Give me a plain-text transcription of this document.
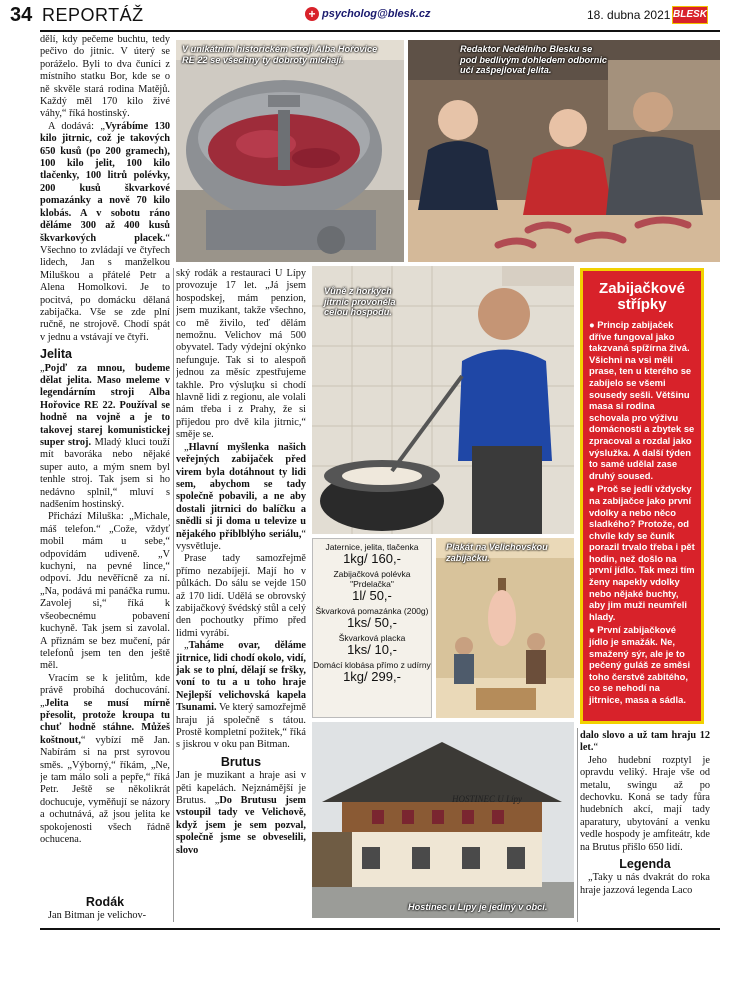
34 REPORTÁŽ	+ psycholog@blesk.cz	18. dubna 2021 BLESK

dělí, kdy pečeme buchtu, tedy pečivo do jitnic. V úterý se poráželo. Byli to dva čuníci z místního statku Bor, kde se o ně skvěle stará rodina Matějů. Každý měl 170 kilo živé váhy,“ říká hostinský.

A dodává: „Vyrábíme 130 kilo jitrnic, což je takových 650 kusů (po 200 gramech), 100 kilo jelit, 100 kilo tlačenky, 100 litrů polévky, 200 kusů škvarkové pomazánky a nově 70 kilo klobás. A v sobotu ráno děláme 300 až 400 kusů škvarkových placek.“ Všechno to zvládají ve čtyřech lidech, Jan s manželkou Miluškou a přátelé Petr a Alena Homolkovi. Je to pocitvá, po domácku dělaná zabijačka. Vše se zde plní ručně, ne strojově. Chodí spát v jednu a vstávají ve čtyři.

Jelita

„Pojď za mnou, budeme dělat jelita. Maso meleme v legendárním stroji Alba Hořovice RE 22. Používal se hodně na vojně a je to takovej starej komunistickej super stroj. Mladý kluci touží mít bavoráka nebo nějaké super auto, a mým snem byl tenhle stroj. Tak jsem si ho nedávno splnil,“ mluví s nadšením hostinský.

Přichází Miluška: „Michale, máš telefon.“ „Cože, vždyť mobil mám u sebe,“ odpovídám udiveně. „V kuchyni, na pevné lince,“ odpoví. Jdu nevěřícně za ní. „Na, podává mi panáčka rumu. Zavolej si,“ říká k všeobecnému pobavení kuchyně. Tak jsem si zavolal. A přiznám se bez mučení, pár telefonů jsem ten den ještě měl.

Vracím se k jelitům, kde právě probíhá dochucování. „Jelita se musí mírně přesolit, protože kroupa tu chuť hodně stáhne. Můžeš koštnout,“ vybízí mě Jan. Nabírám si na prst syrovou směs. „Výborný,“ říkám, „Ne, je tam málo soli a pepře,“ říká Petr. Ještě se několikrát dochucuje, vyměňují se názory a ochutnává, až jsou jelita ke spokojenosti všech řádně ochucena.

Rodák

Jan Bitman je velichov-

V unikátním historickém stroji Alba Hořovice RE 22 se všechny ty dobroty míchají.
Redaktor Nedělního Blesku se pod bedlivým dohledem odbornic učí zašpejlovat jelita.
Vůně z horkých jitrnic provoněla celou hospodu.
Zabijačkové střípky
● Princip zabijaček dříve fungoval jako takzvaná spížírna živá. Všichni na vsi měli prase, ten u kterého se zabíjelo se všemi sousedy sešli. Většinu masa si rodina schovala pro výživu domácnosti a zbytek se zpracoval a rozdal jako výslužka. A další týden to samé udělal zase druhý soused.
● Proč se jedlí vždycky na zabijačce jako první vdolky a nebo něco sladkého? Protože, od chvíle kdy se čuník porazil trvalo třeba i pět hodin, než došlo na první jídlo. Tak mezi tím ženy napekly vdolky nebo nějaké buchty, aby jim muži neumřeli hlady.
● První zabijačkové jídlo je smažák. Ne, smažený sýr, ale je to pečený guláš ze směsi toho čerstvě zabitého, co se nehodí na jitrnice, masa a sádla.

ský rodák a restauraci U Lípy provozuje 17 let. „Já jsem hospodskej, mám penzion, jsem muzikant, takže všechno, co mě živilo, teď dělám nemožnu. Velichov má 500 obyvatel. Tady výdejní okýnko nefunguje. Tak si to alespoň jednou za měsíc zpestřujeme takhle. Pro výsluţku si chodí hlavně lidi z regionu, ale volali nám třeba i z Prahy, že si přijedou pro dvě kila jitrnic,“ směje se.

„Hlavní myšlenka našich veřejných zabijaček před virem byla dotáhnout ty lidi sem, abychom se tady společně pobavili, a ne aby dostali jitrnici do balíčku a snědli si ji doma u televize u nějakého přiblblýho seriálu,“ vysvětluje.

Prase tady samozřejmě přímo nezabíjejí. Mají ho v půlkách. Do sálu se vejde 150 až 170 lidí. Udělá se obrovský zabijačkový švédský stůl a celý den pochoutky přímo před lidmi vyrábí.

„Taháme ovar, děláme jitrnice, lidi chodí okolo, vidí, jak se to plní, dělají se fršky, voní to tu a u toho hraje Nejlepší velichovská kapela Tsunami. Ve který samozřejmě hraju já společně s tátou. Prostě kompletní požitek,“ říká s jiskrou v oku pan Bitman.

Brutus

Jan je muzikant a hraje asi v pěti kapelách. Nejznámější je Brutus. „Do Brutusu jsem vstoupil tady ve Velichově, když jsem je sem pozval, společně jsme se obveselili, slovo

Jaternice, jelita, tlačenka
1kg/ 160,-
Zabijačková polévka "Prdelačka"
1l/ 50,-
Škvarková pomazánka (200g)
1ks/ 50,-
Škvarková placka
1ks/ 10,-
Domácí klobása přímo z udírny
1kg/ 299,-
Plakát na Velichovskou zabijačku.
HOSTINEC U Lípy
Hostinec u Lípy je jediný v obci.

dalo slovo a už tam hraju 12 let.“

Jeho hudební rozptyl je opravdu veliký. Hraje vše od metalu, swingu až po dechovku. Koná se tady fůra hudebních akcí, mají tady aparatury, ubytování a venku vedle hospody je amfiteátr, kde na Brutus přišlo 650 lidí.

Legenda

„Taky u nás dvakrát do roka hraje jazzová legenda Laco
